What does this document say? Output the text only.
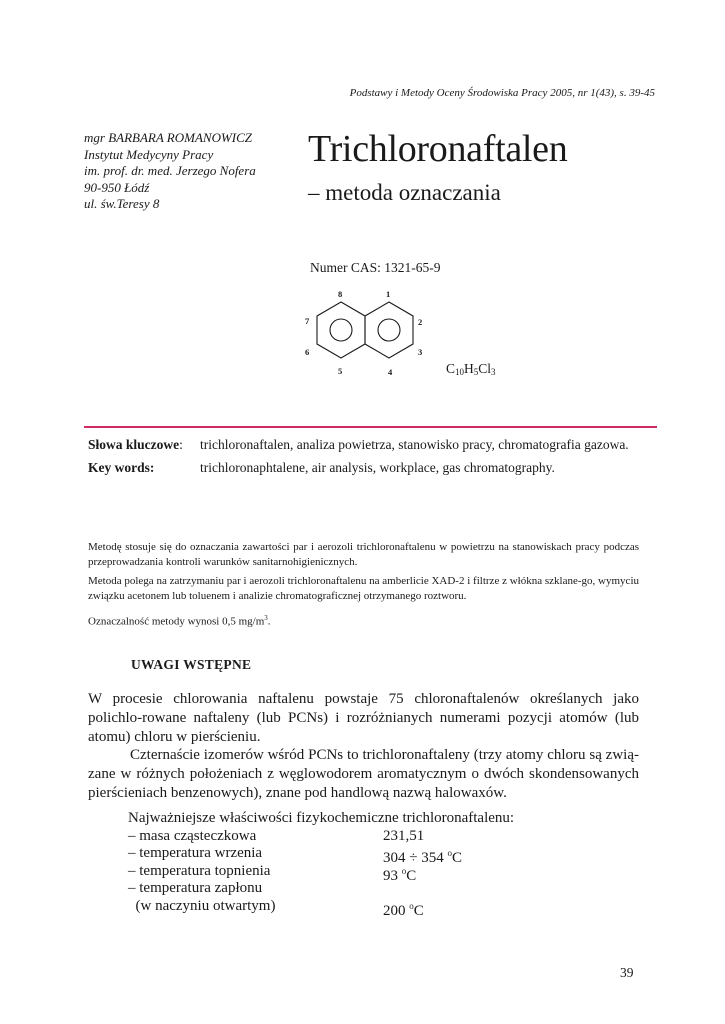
Podstawy i Metody Oceny Środowiska Pracy 2005, nr 1(43), s. 39-45
mgr BARBARA ROMANOWICZ
Instytut Medycyny Pracy
im. prof. dr. med. Jerzego Nofera
90-950 Łódź
ul. św.Teresy 8
Trichloronaftalen
– metoda oznaczania
Numer CAS: 1321-65-9
8	1
7	2
6	3
5	4	$C_{10}H_5Cl_3$
Słowa kluczowe: trichloronaftalen, analiza powietrza, stanowisko pracy, chromatografia gazowa.
Key words:	trichloronaphtalene, air analysis, workplace, gas chromatography.
Metodę stosuje się do oznaczania zawartości par i aerozoli trichloronaftalenu w powietrzu na stanowiskach pracy podczas przeprowadzania kontroli warunków sanitarnohigienicznych.
Metoda polega na zatrzymaniu par i aerozoli trichloronaftalenu na amberlicie XAD-2 i filtrze z włókna szklane-go, wymyciu związku acetonem lub toluenem i analizie chromatograficznej otrzymanego roztworu.
Oznaczalność metody wynosi 0,5 $mg/m^3$.
UWAGI WSTĘPNE
W procesie chlorowania naftalenu powstaje 75 chloronaftalenów określanych jako polichlo-rowane naftaleny (lub PCNs) i rozróżnianych numerami pozycji atomów (lub atomu) chloru w pierścieniu.
Czternaście izomerów wśród PCNs to trichloronaftaleny (trzy atomy chloru są zwią-zane w różnych położeniach z węglowodorem aromatycznym o dwóch skondensowanych pierścieniach benzenowych), znane pod handlową nazwą halowaxów.
Najważniejsze właściwości fizykochemiczne trichloronaftalenu:
– masa cząsteczkowa	231,51
– temperatura wrzenia	304 ÷ 354 $^o$C
– temperatura topnienia	93 $^o$C
– temperatura zapłonu
(w naczyniu otwartym)	200 $^o$C
39
